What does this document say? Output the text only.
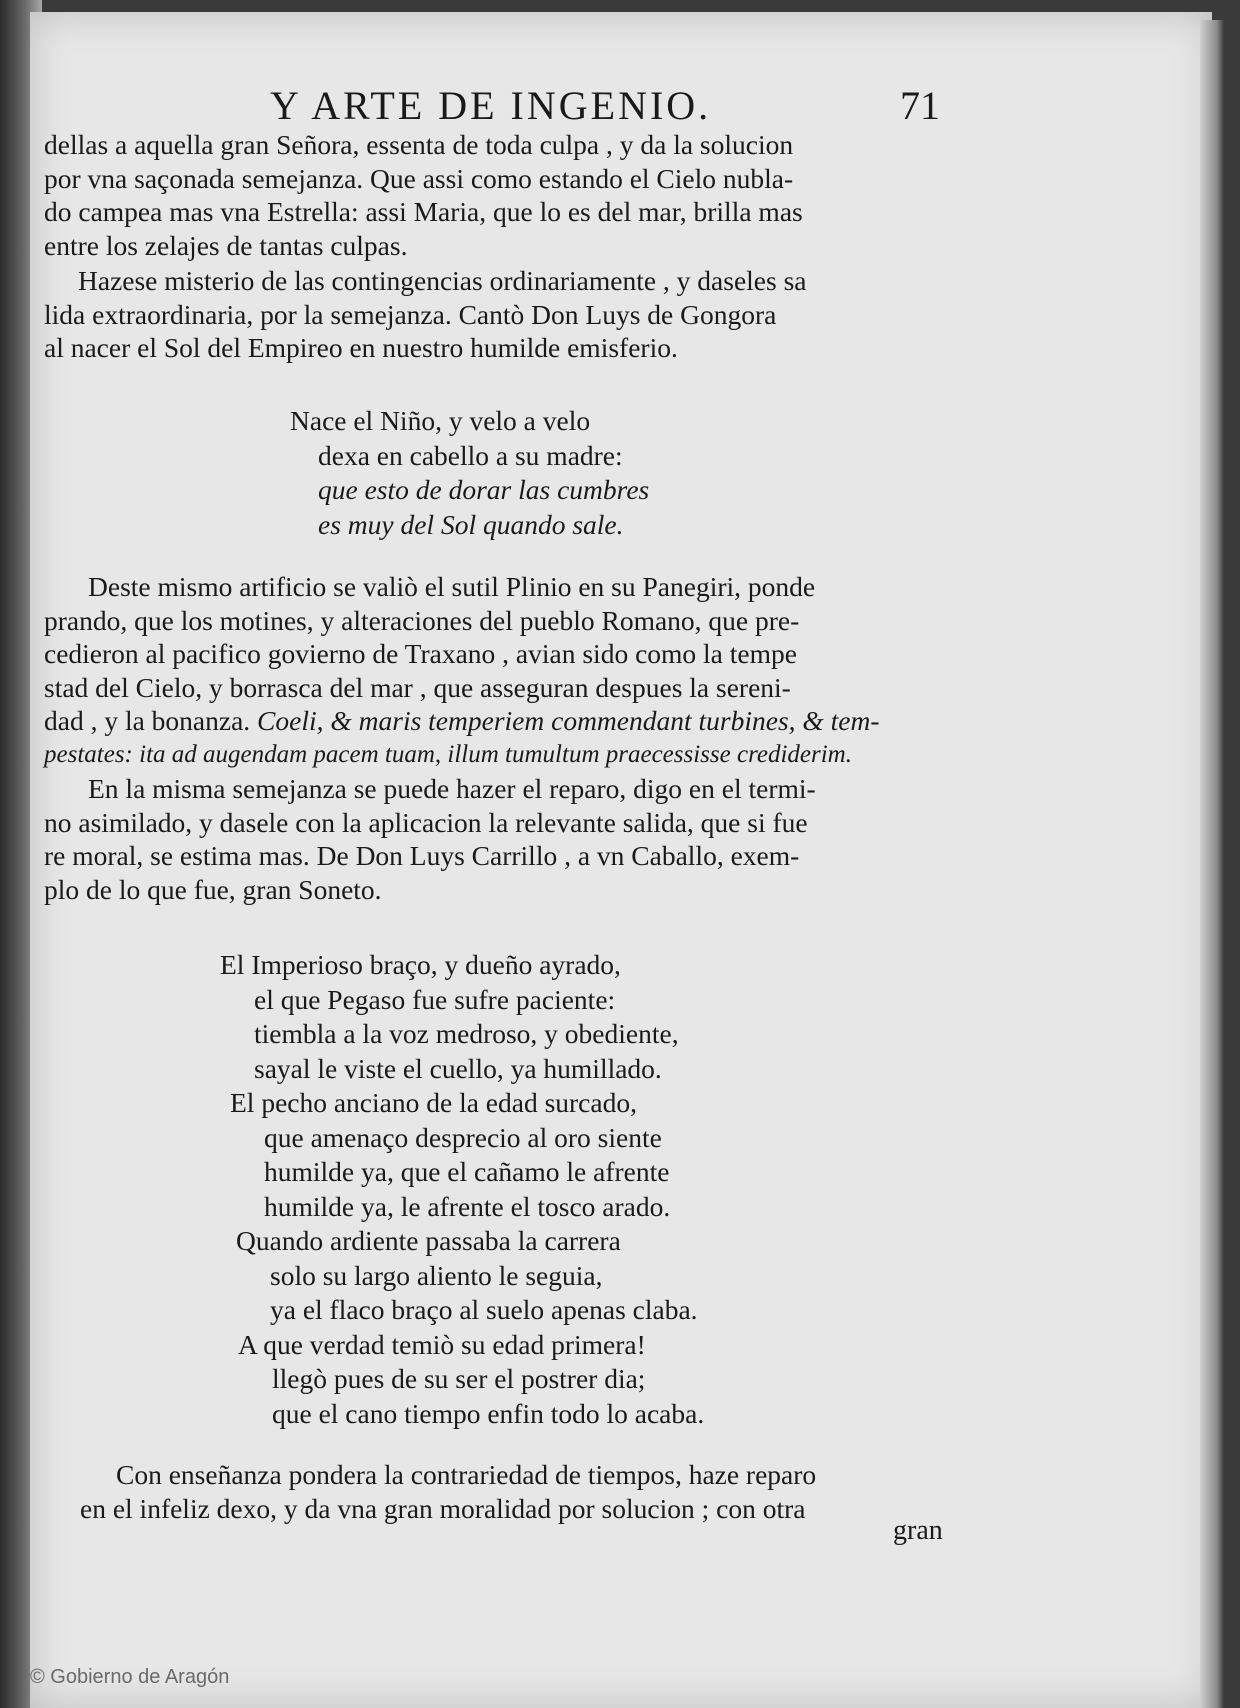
Y ARTE DE INGENIO.	71
dellas a aquella gran Señora, essenta de toda culpa , y da la solucion
por vna saçonada semejanza. Que assi como estando el Cielo nubla-
do campea mas vna Estrella: assi Maria, que lo es del mar, brilla mas
entre los zelajes de tantas culpas.
Hazese misterio de las contingencias ordinariamente , y daseles sa
lida extraordinaria, por la semejanza. Cantò Don Luys de Gongora
al nacer el Sol del Empireo en nuestro humilde emisferio.
Nace el Niño, y velo a velo
dexa en cabello a su madre:
que esto de dorar las cumbres
es muy del Sol quando sale.
Deste mismo artificio se valiò el sutil Plinio en su Panegiri, ponde
prando, que los motines, y alteraciones del pueblo Romano, que pre-
cedieron al pacifico govierno de Traxano , avian sido como la tempe
stad del Cielo, y borrasca del mar , que asseguran despues la sereni-
dad , y la bonanza. Coeli, & maris temperiem commendant turbines, & tem-
pestates: ita ad augendam pacem tuam, illum tumultum praecessisse crediderim.
En la misma semejanza se puede hazer el reparo, digo en el termi-
no asimilado, y dasele con la aplicacion la relevante salida, que si fue
re moral, se estima mas. De Don Luys Carrillo , a vn Caballo, exem-
plo de lo que fue, gran Soneto.
El Imperioso braço, y dueño ayrado,
el que Pegaso fue sufre paciente:
tiembla a la voz medroso, y obediente,
sayal le viste el cuello, ya humillado.
El pecho anciano de la edad surcado,
que amenaço desprecio al oro siente
humilde ya, que el cañamo le afrente
humilde ya, le afrente el tosco arado.
Quando ardiente passaba la carrera
solo su largo aliento le seguia,
ya el flaco braço al suelo apenas claba.
A que verdad temiò su edad primera!
llegò pues de su ser el postrer dia;
que el cano tiempo enfin todo lo acaba.
Con enseñanza pondera la contrariedad de tiempos, haze reparo
en el infeliz dexo, y da vna gran moralidad por solucion ; con otra
gran
© Gobierno de Aragón
